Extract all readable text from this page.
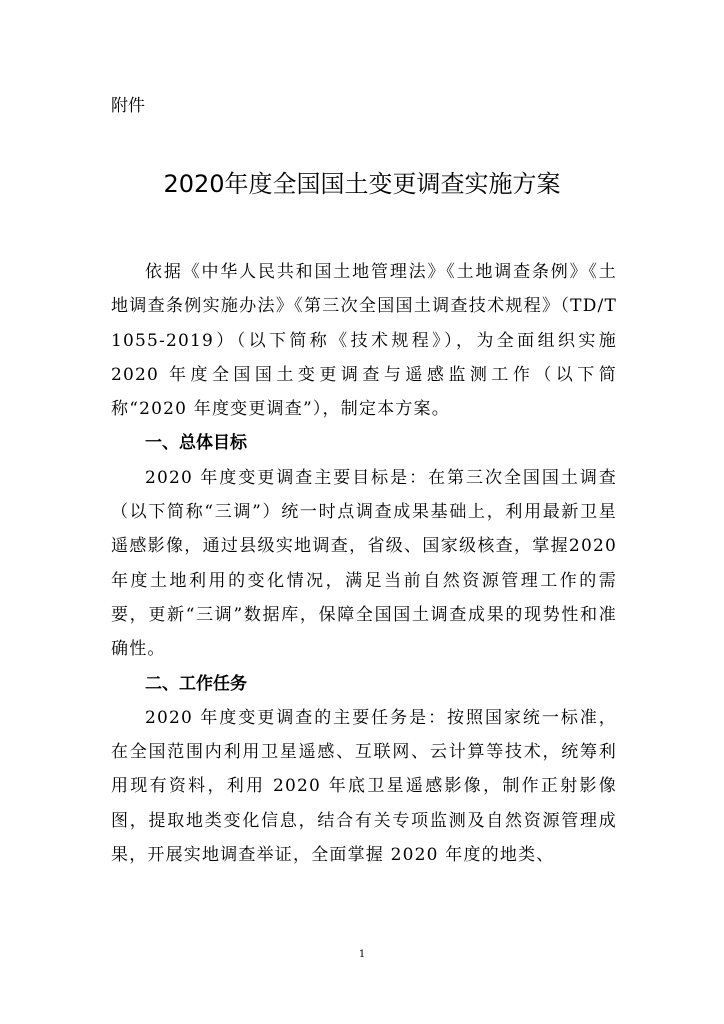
附件

2020年度全国国土变更调查实施方案

依据《中华人民共和国土地管理法》《土地调查条例》《土地调查条例实施办法》《第三次全国国土调查技术规程》（TD/T 1055-2019）（以下简称《技术规程》），为全面组织实施 2020 年度全国国土变更调查与遥感监测工作（以下简称“2020 年度变更调查”），制定本方案。

一、总体目标

2020 年度变更调查主要目标是：在第三次全国国土调查（以下简称“三调”）统一时点调查成果基础上，利用最新卫星遥感影像，通过县级实地调查，省级、国家级核查，掌握2020 年度土地利用的变化情况，满足当前自然资源管理工作的需要，更新“三调”数据库，保障全国国土调查成果的现势性和准确性。

二、工作任务

2020 年度变更调查的主要任务是：按照国家统一标准，在全国范围内利用卫星遥感、互联网、云计算等技术，统筹利用现有资料，利用 2020 年底卫星遥感影像，制作正射影像图，提取地类变化信息，结合有关专项监测及自然资源管理成果，开展实地调查举证，全面掌握 2020 年度的地类、

1
